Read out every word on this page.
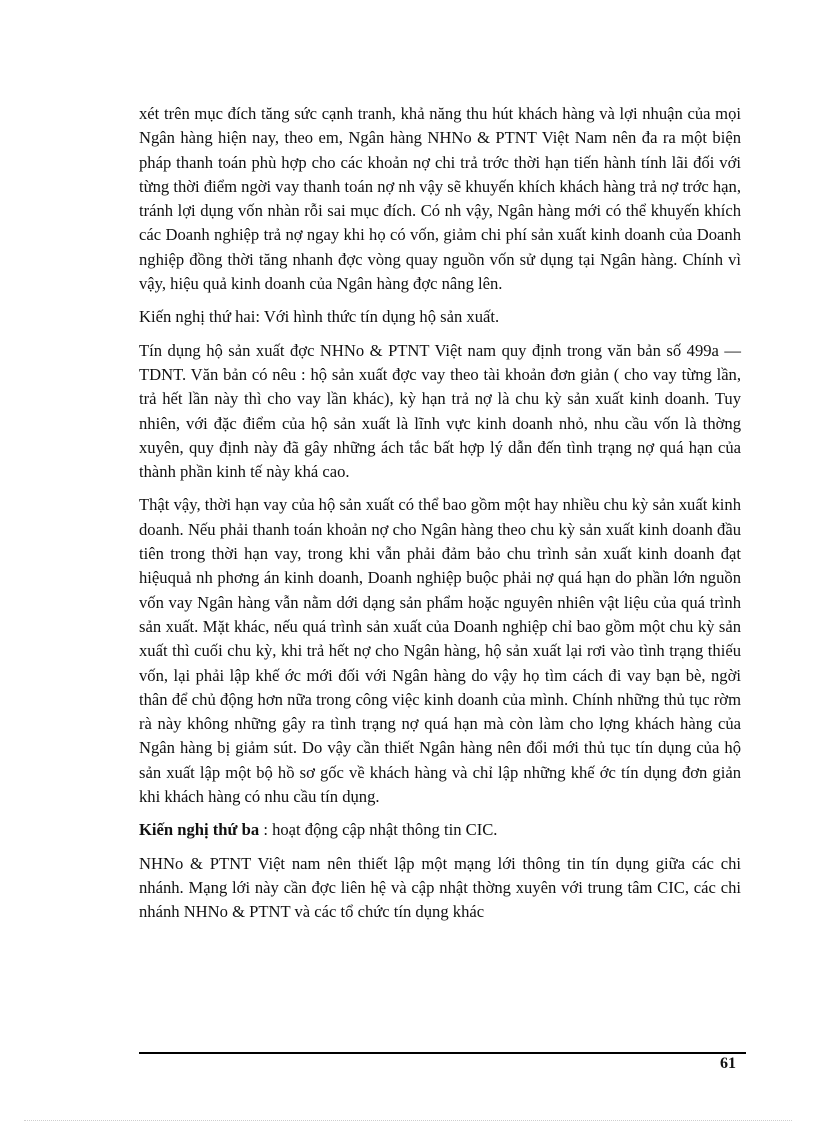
xét trên mục đích tăng sức cạnh tranh, khả năng thu hút khách hàng và lợi nhuận của mọi Ngân hàng hiện nay, theo em, Ngân hàng NHNo & PTNT Việt Nam nên đa ra một biện pháp thanh toán phù hợp cho các khoản nợ chi trả trớc thời hạn tiến hành tính lãi đối với từng thời điểm ngời vay thanh toán nợ nh vậy sẽ khuyến khích khách hàng trả nợ trớc hạn, tránh lợi dụng vốn nhàn rỗi sai mục đích. Có nh vậy, Ngân hàng mới có thể khuyến khích các Doanh nghiệp trả nợ ngay khi họ có vốn, giảm chi phí sản xuất kinh doanh của Doanh nghiệp đồng thời tăng nhanh đợc vòng quay nguồn vốn sử dụng tại Ngân hàng. Chính vì vậy, hiệu quả kinh doanh của Ngân hàng đợc nâng lên.

Kiến nghị thứ hai: Với hình thức tín dụng hộ sản xuất.

Tín dụng hộ sản xuất đợc NHNo & PTNT Việt nam quy định trong văn bản số 499a — TDNT. Văn bản có nêu : hộ sản xuất đợc vay theo tài khoản đơn giản ( cho vay từng lần, trả hết lần này thì cho vay lần khác), kỳ hạn trả nợ là chu kỳ sản xuất kinh doanh. Tuy nhiên, với đặc điểm của hộ sản xuất là lĩnh vực kinh doanh nhỏ, nhu cầu vốn là thờng xuyên, quy định này đã gây những ách tắc bất hợp lý dẫn đến tình trạng nợ quá hạn của thành phần kinh tế này khá cao.

Thật vậy, thời hạn vay của hộ sản xuất có thể bao gồm một hay nhiều chu kỳ sản xuất kinh doanh. Nếu phải thanh toán khoản nợ cho Ngân hàng theo chu kỳ sản xuất kinh doanh đầu tiên trong thời hạn vay, trong khi vẫn phải đảm bảo chu trình sản xuất kinh doanh đạt hiệuquả nh phơng án kinh doanh, Doanh nghiệp buộc phải nợ quá hạn do phần lớn nguồn vốn vay Ngân hàng vẫn nằm dới dạng sản phẩm hoặc nguyên nhiên vật liệu của quá trình sản xuất. Mặt khác, nếu quá trình sản xuất của Doanh nghiệp chỉ bao gồm một chu kỳ sản xuất thì cuối chu kỳ, khi trả hết nợ cho Ngân hàng, hộ sản xuất lại rơi vào tình trạng thiếu vốn, lại phải lập khế ớc mới đối với Ngân hàng do vậy họ tìm cách đi vay bạn bè, ngời thân để chủ động hơn nữa trong công việc kinh doanh của mình. Chính những thủ tục rờm rà này không những gây ra tình trạng nợ quá hạn mà còn làm cho lợng khách hàng của Ngân hàng bị giảm sút. Do vậy cần thiết Ngân hàng nên đổi mới thủ tục tín dụng của hộ sản xuất lập một bộ hồ sơ gốc về khách hàng và chỉ lập những khế ớc tín dụng đơn giản khi khách hàng có nhu cầu tín dụng.

Kiến nghị thứ ba : hoạt động cập nhật thông tin CIC.

NHNo & PTNT Việt nam nên thiết lập một mạng lới thông tin tín dụng giữa các chi nhánh. Mạng lới này cần đợc liên hệ và cập nhật thờng xuyên với trung tâm CIC, các chi nhánh NHNo & PTNT và các tổ chức tín dụng khác

61
